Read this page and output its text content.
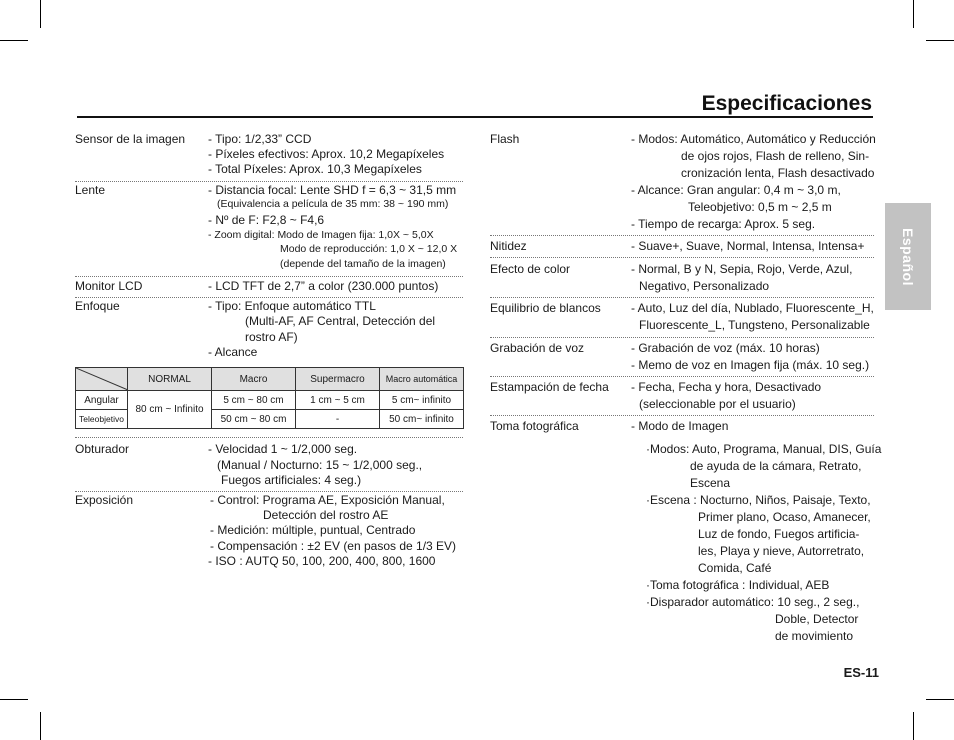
Especificaciones
Español
Sensor de la imagen - Tipo: 1/2,33” CCD
- Píxeles efectivos: Aprox. 10,2 Megapíxeles
- Total Píxeles: Aprox. 10,3 Megapíxeles
Lente	- Distancia focal: Lente SHD f = 6,3 ~ 31,5 mm
(Equivalencia a película de 35 mm: 38 ~ 190 mm)
- Nº de F: F2,8 ~ F4,6
- Zoom digital: Modo de Imagen fija: 1,0X ~ 5,0X
Modo de reproducción: 1,0 X ~ 12,0 X
(depende del tamaño de la imagen)
Monitor LCD	- LCD TFT de 2,7” a color (230.000 puntos)
Enfoque	- Tipo: Enfoque automático TTL
(Multi-AF, AF Central, Detección del
rostro AF)
- Alcance
	NORMAL	Macro	Supermacro	Macro automática
Angular	80 cm ~ Infinito	5 cm ~ 80 cm	1 cm ~ 5 cm	5 cm~ infinito
Teleobjetivo		50 cm ~ 80 cm	-	50 cm~ infinito
Obturador	- Velocidad 1 ~ 1/2,000 seg.
(Manual / Nocturno: 15 ~ 1/2,000 seg.,
Fuegos artificiales: 4 seg.)
Exposición	- Control: Programa AE, Exposición Manual,
Detección del rostro AE
- Medición: múltiple, puntual, Centrado
- Compensación : ±2 EV (en pasos de 1/3 EV)
- ISO : AUTQ 50, 100, 200, 400, 800, 1600
Flash	- Modos: Automático, Automático y Reducción
de ojos rojos, Flash de relleno, Sin-
cronización lenta, Flash desactivado
- Alcance: Gran angular: 0,4 m ~ 3,0 m,
Teleobjetivo: 0,5 m ~ 2,5 m
- Tiempo de recarga: Aprox. 5 seg.
Nitidez	- Suave+, Suave, Normal, Intensa, Intensa+
Efecto de color	- Normal, B y N, Sepia, Rojo, Verde, Azul,
Negativo, Personalizado
Equilibrio de blancos	- Auto, Luz del día, Nublado, Fluorescente_H,
Fluorescente_L, Tungsteno, Personalizable
Grabación de voz	- Grabación de voz (máx. 10 horas)
- Memo de voz en Imagen fija (máx. 10 seg.)
Estampación de fecha - Fecha, Fecha y hora, Desactivado
(seleccionable por el usuario)
Toma fotográfica	- Modo de Imagen
·Modos: Auto, Programa, Manual, DIS, Guía
de ayuda de la cámara, Retrato,
Escena
·Escena : Nocturno, Niños, Paisaje, Texto,
Primer plano, Ocaso, Amanecer,
Luz de fondo, Fuegos artificia-
les, Playa y nieve, Autorretrato,
Comida, Café
·Toma fotográfica : Individual, AEB
·Disparador automático: 10 seg., 2 seg.,
Doble, Detector
de movimiento
ES-11
